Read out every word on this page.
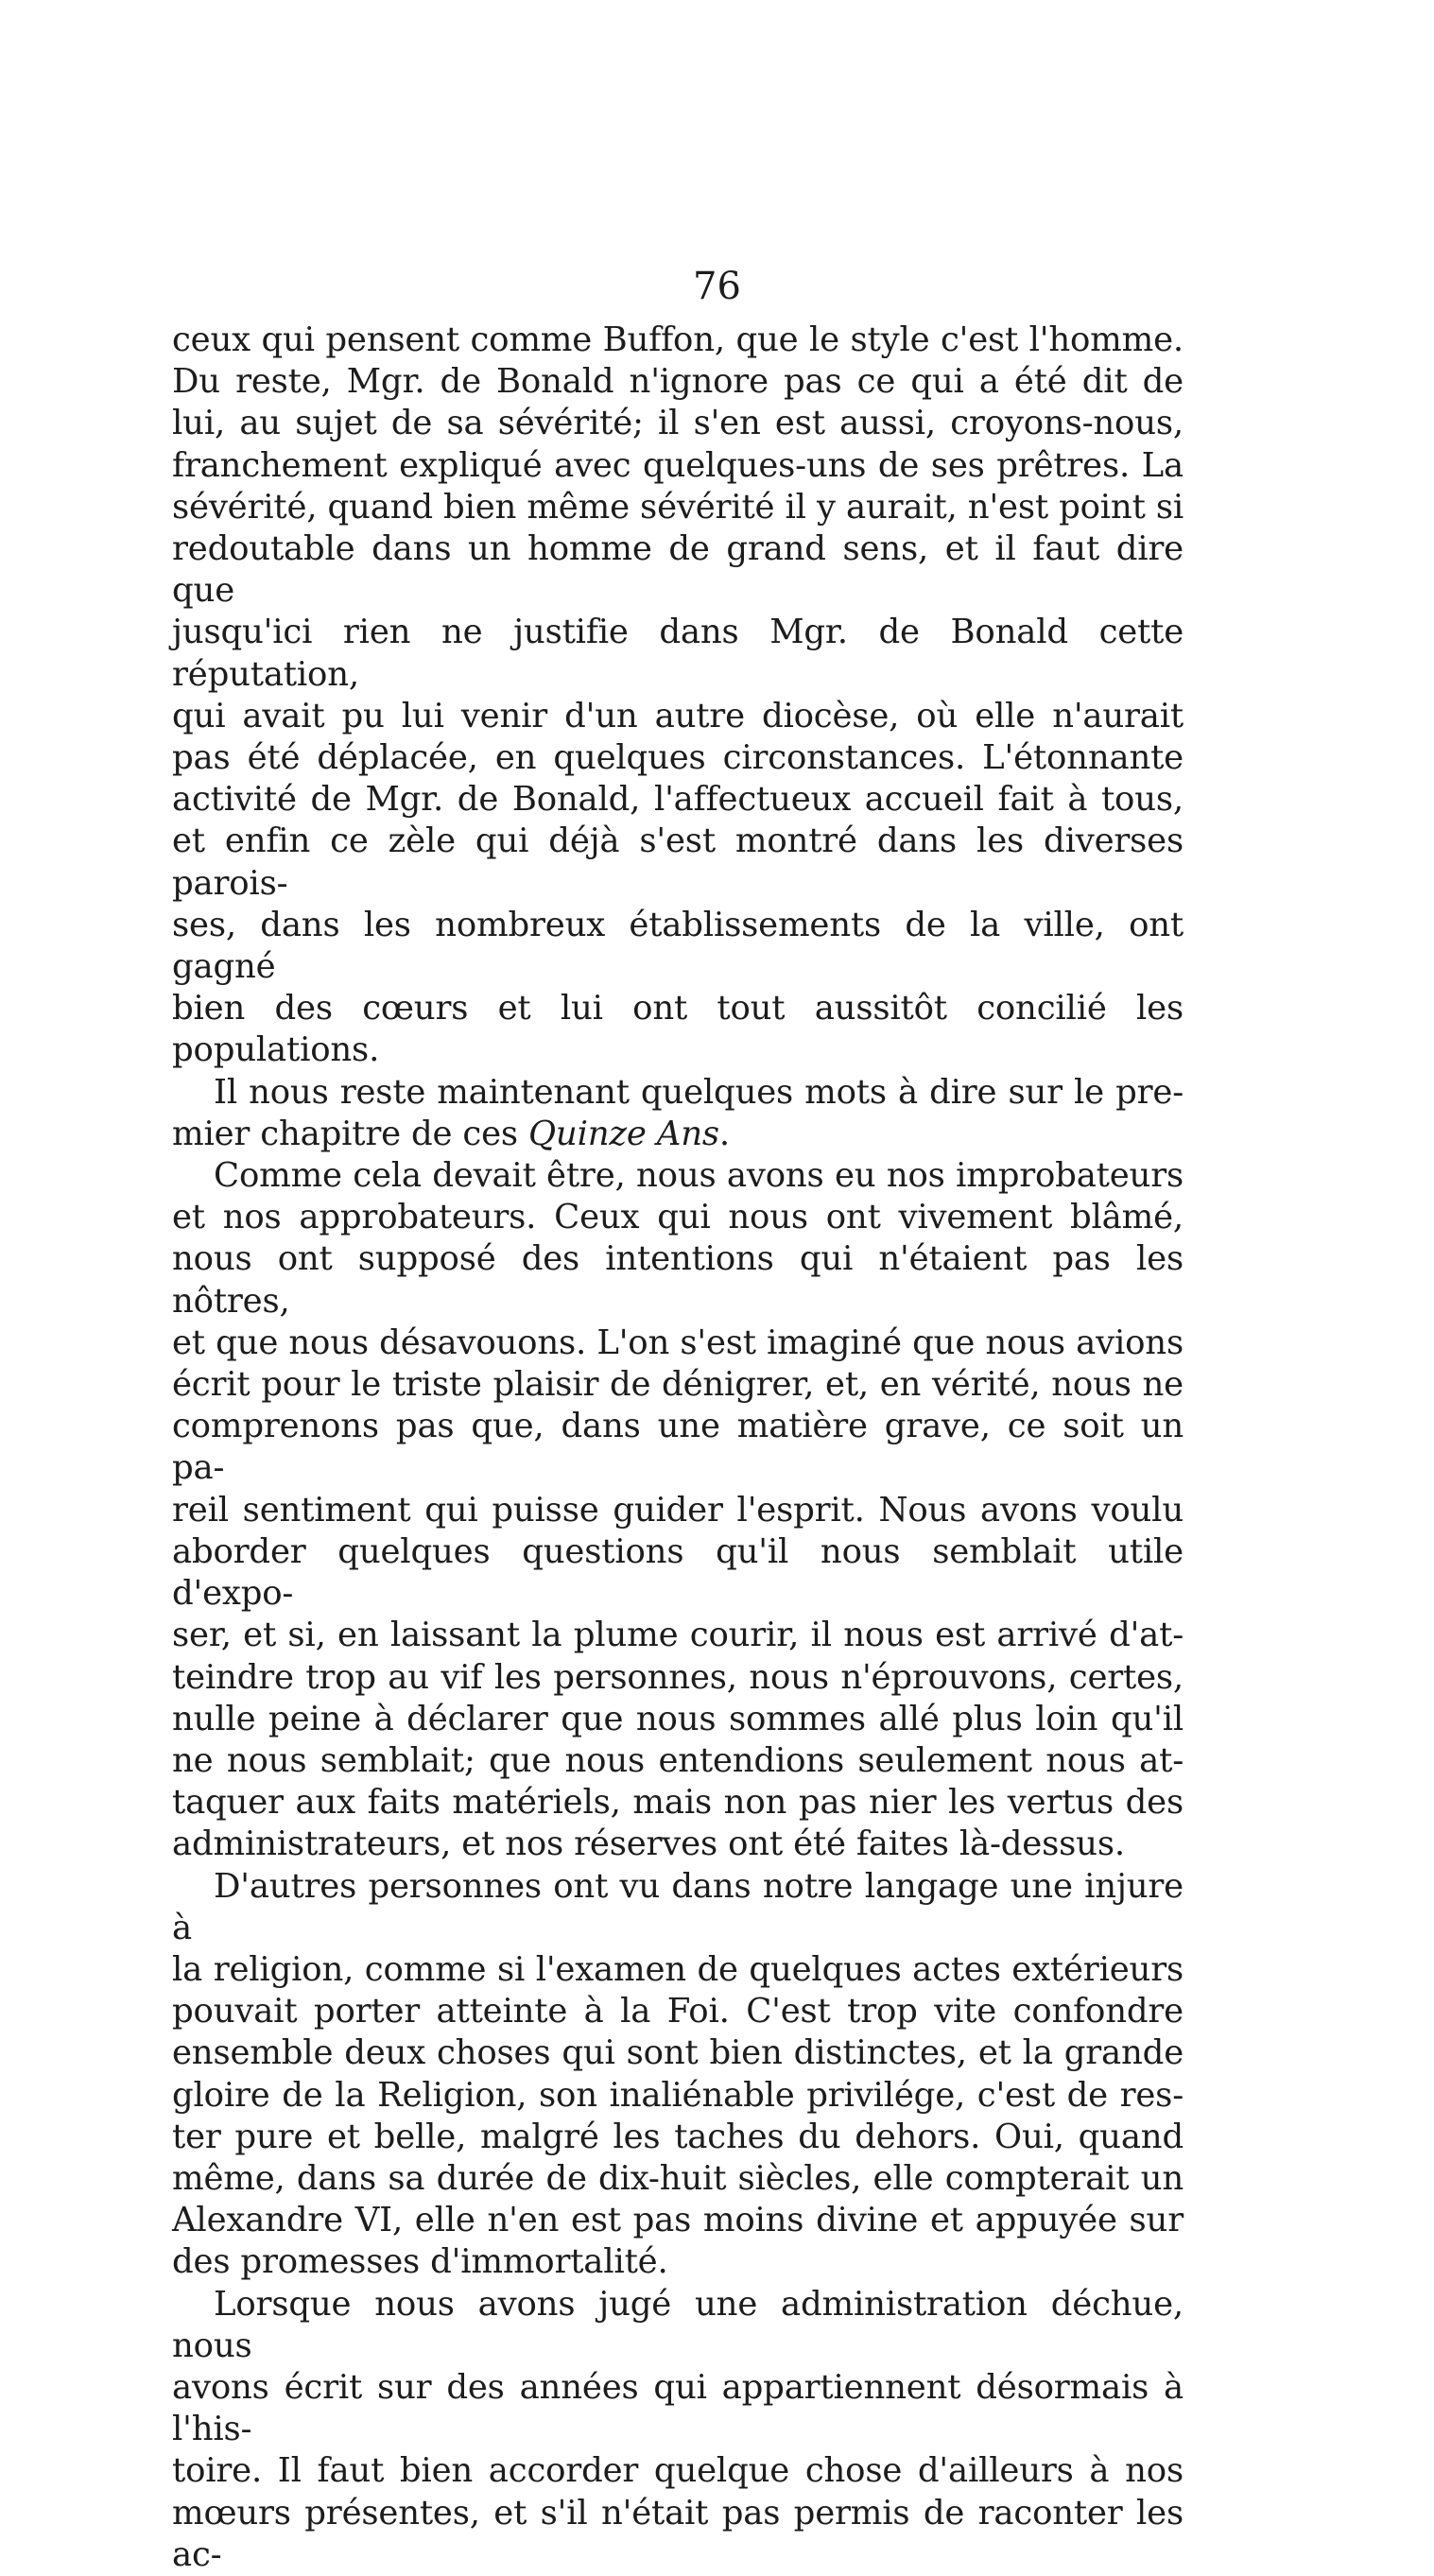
76
ceux qui pensent comme Buffon, que le style c'est l'homme.
Du reste, Mgr. de Bonald n'ignore pas ce qui a été dit de
lui, au sujet de sa sévérité; il s'en est aussi, croyons-nous,
franchement expliqué avec quelques-uns de ses prêtres. La
sévérité, quand bien même sévérité il y aurait, n'est point si
redoutable dans un homme de grand sens, et il faut dire que
jusqu'ici rien ne justifie dans Mgr. de Bonald cette réputation,
qui avait pu lui venir d'un autre diocèse, où elle n'aurait
pas été déplacée, en quelques circonstances. L'étonnante
activité de Mgr. de Bonald, l'affectueux accueil fait à tous,
et enfin ce zèle qui déjà s'est montré dans les diverses parois-
ses, dans les nombreux établissements de la ville, ont gagné
bien des cœurs et lui ont tout aussitôt concilié les populations.
Il nous reste maintenant quelques mots à dire sur le pre-
mier chapitre de ces Quinze Ans.
Comme cela devait être, nous avons eu nos improbateurs
et nos approbateurs. Ceux qui nous ont vivement blâmé,
nous ont supposé des intentions qui n'étaient pas les nôtres,
et que nous désavouons. L'on s'est imaginé que nous avions
écrit pour le triste plaisir de dénigrer, et, en vérité, nous ne
comprenons pas que, dans une matière grave, ce soit un pa-
reil sentiment qui puisse guider l'esprit. Nous avons voulu
aborder quelques questions qu'il nous semblait utile d'expo-
ser, et si, en laissant la plume courir, il nous est arrivé d'at-
teindre trop au vif les personnes, nous n'éprouvons, certes,
nulle peine à déclarer que nous sommes allé plus loin qu'il
ne nous semblait; que nous entendions seulement nous at-
taquer aux faits matériels, mais non pas nier les vertus des
administrateurs, et nos réserves ont été faites là-dessus.
D'autres personnes ont vu dans notre langage une injure à
la religion, comme si l'examen de quelques actes extérieurs
pouvait porter atteinte à la Foi. C'est trop vite confondre
ensemble deux choses qui sont bien distinctes, et la grande
gloire de la Religion, son inaliénable privilége, c'est de res-
ter pure et belle, malgré les taches du dehors. Oui, quand
même, dans sa durée de dix-huit siècles, elle compterait un
Alexandre VI, elle n'en est pas moins divine et appuyée sur
des promesses d'immortalité.
Lorsque nous avons jugé une administration déchue, nous
avons écrit sur des années qui appartiennent désormais à l'his-
toire. Il faut bien accorder quelque chose d'ailleurs à nos
mœurs présentes, et s'il n'était pas permis de raconter les ac-
